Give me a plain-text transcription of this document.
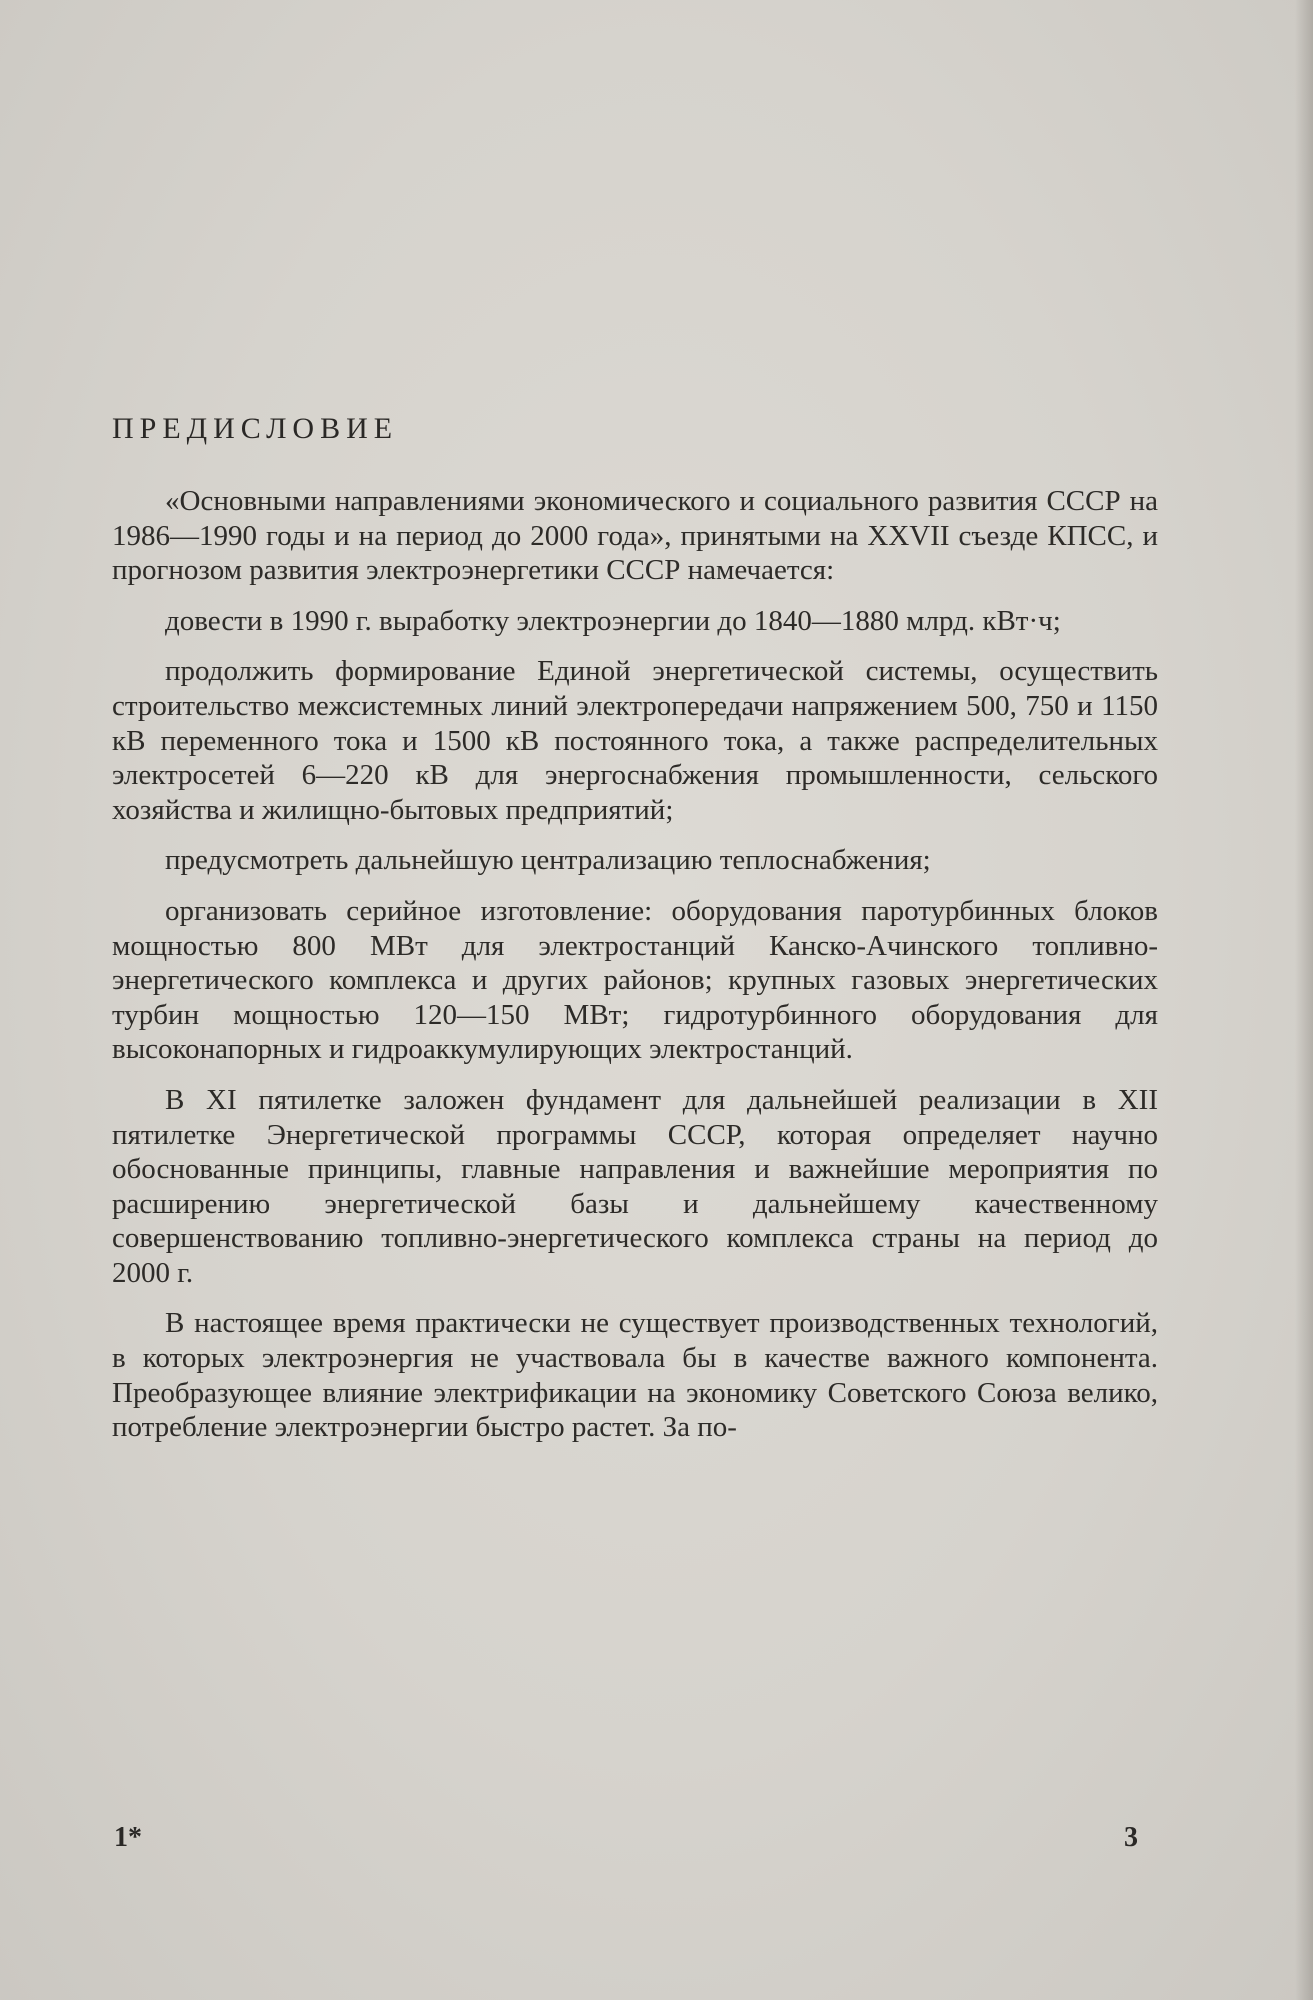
ПРЕДИСЛОВИЕ

«Основными направлениями экономического и социального развития СССР на 1986—1990 годы и на период до 2000 года», принятыми на XXVII съезде КПСС, и прогнозом развития электроэнергетики СССР намечается:

довести в 1990 г. выработку электроэнергии до 1840—1880 млрд. кВт·ч;

продолжить формирование Единой энергетической системы, осуществить строительство межсистемных линий электропередачи напряжением 500, 750 и 1150 кВ переменного тока и 1500 кВ постоянного тока, а также распределительных электросетей 6—220 кВ для энергоснабжения промышленности, сельского хозяйства и жилищно-бытовых предприятий;

предусмотреть дальнейшую централизацию теплоснабжения;

организовать серийное изготовление: оборудования паротурбинных блоков мощностью 800 МВт для электростанций Канско-Ачинского топливно-энергетического комплекса и других районов; крупных газовых энергетических турбин мощностью 120—150 МВт; гидротурбинного оборудования для высоконапорных и гидроаккумулирующих электростанций.

В XI пятилетке заложен фундамент для дальнейшей реализации в XII пятилетке Энергетической программы СССР, которая определяет научно обоснованные принципы, главные направления и важнейшие мероприятия по расширению энергетической базы и дальнейшему качественному совершенствованию топливно-энергетического комплекса страны на период до 2000 г.

В настоящее время практически не существует производственных технологий, в которых электроэнергия не участвовала бы в качестве важного компонента. Преобразующее влияние электрификации на экономику Советского Союза велико, потребление электроэнергии быстро растет. За по-

1*	3
